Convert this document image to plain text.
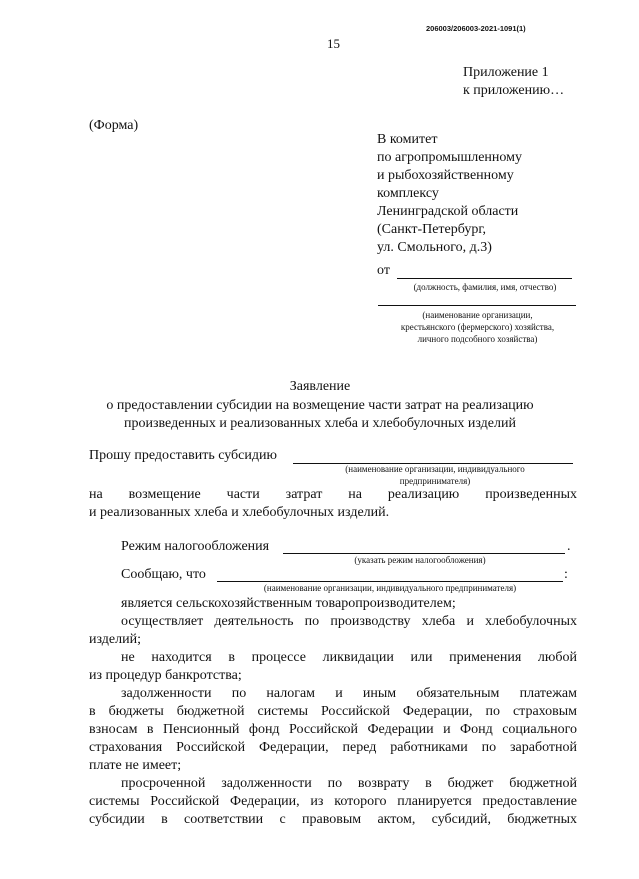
206003/206003-2021-1091(1)
15
Приложение 1
к приложению…
(Форма)
В комитет
по агропромышленному
и рыбохозяйственному
комплексу
Ленинградской области
(Санкт-Петербург,
ул. Смольного, д.3)
от
(должность, фамилия, имя, отчество)
(наименование организации,
крестьянского (фермерского) хозяйства,
личного подсобного хозяйства)
Заявление
о предоставлении субсидии на возмещение части затрат на реализацию
произведенных и реализованных хлеба и хлебобулочных изделий
Прошу предоставить субсидию
(наименование организации, индивидуального
предпринимателя)
на возмещение части затрат на реализацию произведенных
и реализованных хлеба и хлебобулочных изделий.
Режим налогообложения	.
(указать режим налогообложения)
Сообщаю, что	:
(наименование организации, индивидуального предпринимателя)
является сельскохозяйственным товаропроизводителем;
осуществляет деятельность по производству хлеба и хлебобулочных
изделий;
не находится в процессе ликвидации или применения любой
из процедур банкротства;
задолженности по налогам и иным обязательным платежам
в бюджеты бюджетной системы Российской Федерации, по страховым
взносам в Пенсионный фонд Российской Федерации и Фонд социального
страхования Российской Федерации, перед работниками по заработной
плате не имеет;
просроченной задолженности по возврату в бюджет бюджетной
системы Российской Федерации, из которого планируется предоставление
субсидии в соответствии с правовым актом, субсидий, бюджетных
